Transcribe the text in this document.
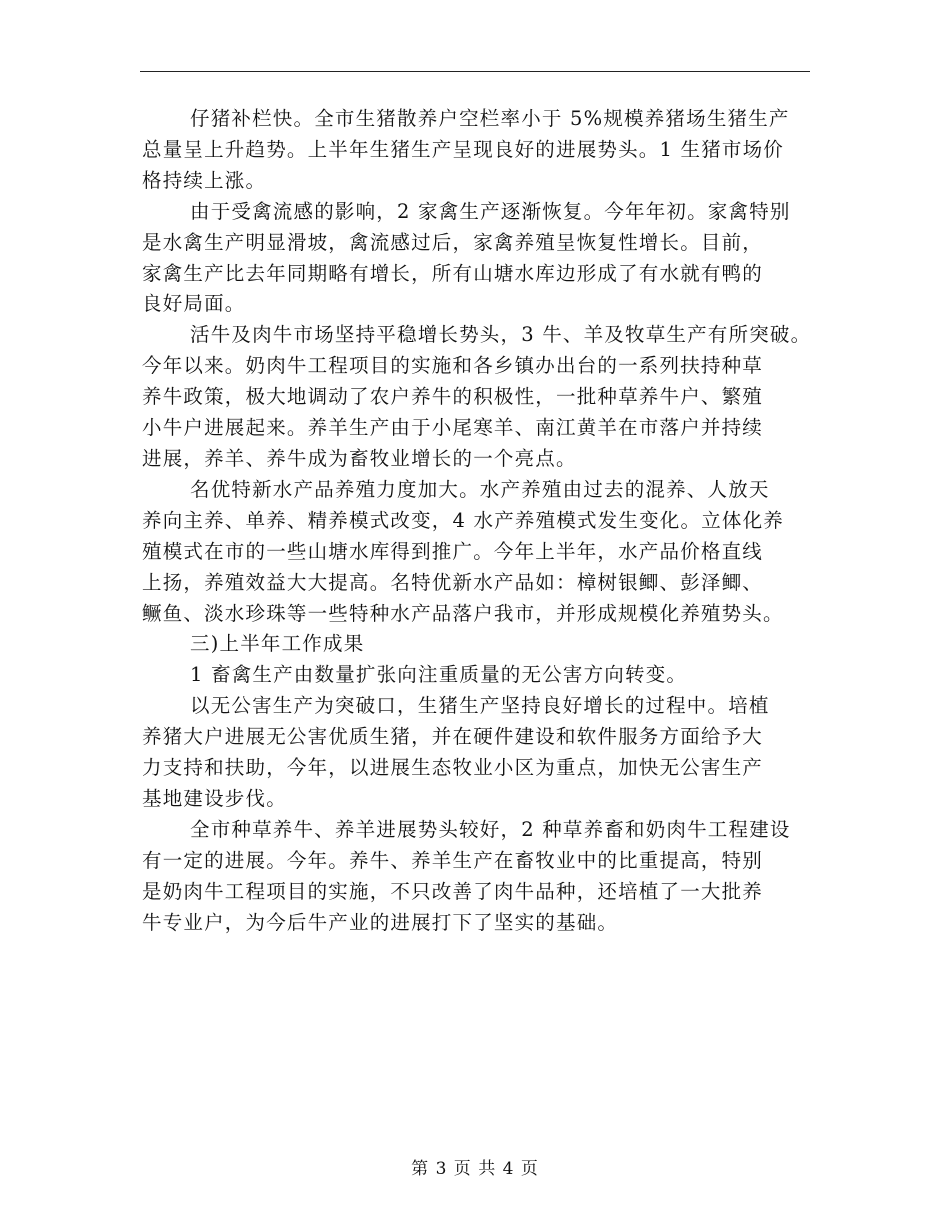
仔猪补栏快。全市生猪散养户空栏率小于 5%规模养猪场生猪生产
总量呈上升趋势。上半年生猪生产呈现良好的进展势头。1 生猪市场价
格持续上涨。

由于受禽流感的影响，2 家禽生产逐渐恢复。今年年初。家禽特别
是水禽生产明显滑坡，禽流感过后，家禽养殖呈恢复性增长。目前，
家禽生产比去年同期略有增长，所有山塘水库边形成了有水就有鸭的
良好局面。

活牛及肉牛市场坚持平稳增长势头，3 牛、羊及牧草生产有所突破。
今年以来。奶肉牛工程项目的实施和各乡镇办出台的一系列扶持种草
养牛政策，极大地调动了农户养牛的积极性，一批种草养牛户、繁殖
小牛户进展起来。养羊生产由于小尾寒羊、南江黄羊在市落户并持续
进展，养羊、养牛成为畜牧业增长的一个亮点。

名优特新水产品养殖力度加大。水产养殖由过去的混养、人放天
养向主养、单养、精养模式改变，4 水产养殖模式发生变化。立体化养
殖模式在市的一些山塘水库得到推广。今年上半年，水产品价格直线
上扬，养殖效益大大提高。名特优新水产品如：樟树银鲫、彭泽鲫、
鳜鱼、淡水珍珠等一些特种水产品落户我市，并形成规模化养殖势头。

三)上半年工作成果

1 畜禽生产由数量扩张向注重质量的无公害方向转变。

以无公害生产为突破口，生猪生产坚持良好增长的过程中。培植
养猪大户进展无公害优质生猪，并在硬件建设和软件服务方面给予大
力支持和扶助，今年，以进展生态牧业小区为重点，加快无公害生产
基地建设步伐。

全市种草养牛、养羊进展势头较好，2 种草养畜和奶肉牛工程建设
有一定的进展。今年。养牛、养羊生产在畜牧业中的比重提高，特别
是奶肉牛工程项目的实施，不只改善了肉牛品种，还培植了一大批养
牛专业户，为今后牛产业的进展打下了坚实的基础。

第 3 页 共 4 页
